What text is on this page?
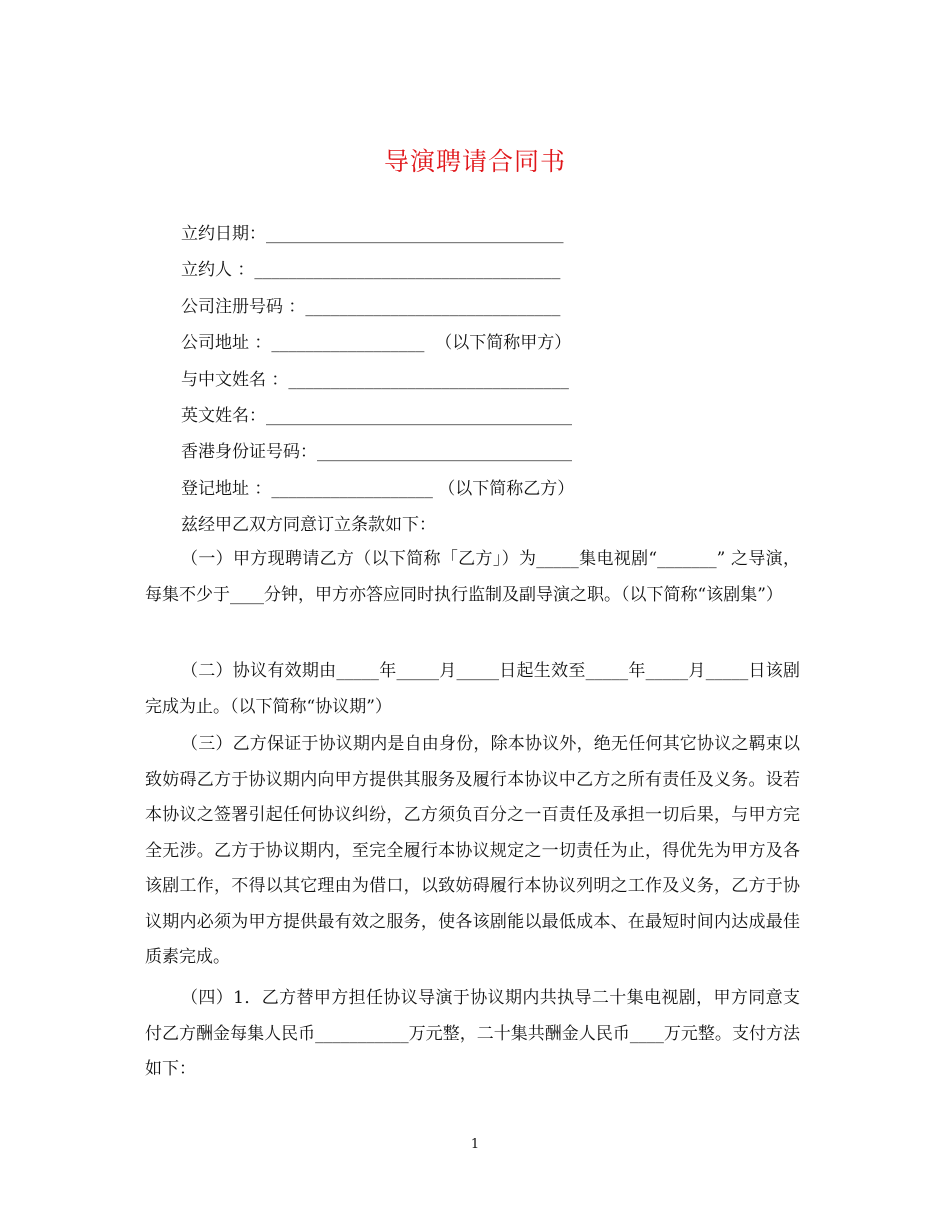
导演聘请合同书
立约日期：___________________________________
立约人 ：____________________________________
公司注册号码 ：______________________________
公司地址 ：__________________  （以下简称甲方）
与中文姓名 ：_________________________________
英文姓名：____________________________________
香港身份证号码：______________________________
登记地址 ：___________________ （以下简称乙方）
兹经甲乙双方同意订立条款如下：

（一）甲方现聘请乙方（以下简称「乙方」）为_____集电视剧“_______” 之导演，每集不少于____分钟，甲方亦答应同时执行监制及副导演之职。（以下简称“该剧集”）

（二）协议有效期由_____年_____月_____日起生效至_____年_____月_____日该剧完成为止。（以下简称“协议期”）

（三）乙方保证于协议期内是自由身份，除本协议外，绝无任何其它协议之羁束以致妨碍乙方于协议期内向甲方提供其服务及履行本协议中乙方之所有责任及义务。设若本协议之签署引起任何协议纠纷，乙方须负百分之一百责任及承担一切后果，与甲方完全无涉。乙方于协议期内，至完全履行本协议规定之一切责任为止，得优先为甲方及各该剧工作，不得以其它理由为借口，以致妨碍履行本协议列明之工作及义务，乙方于协议期内必须为甲方提供最有效之服务，使各该剧能以最低成本、在最短时间内达成最佳质素完成。

（四）1．乙方替甲方担任协议导演于协议期内共执导二十集电视剧，甲方同意支付乙方酬金每集人民币___________万元整，二十集共酬金人民币____万元整。支付方法如下：

1
